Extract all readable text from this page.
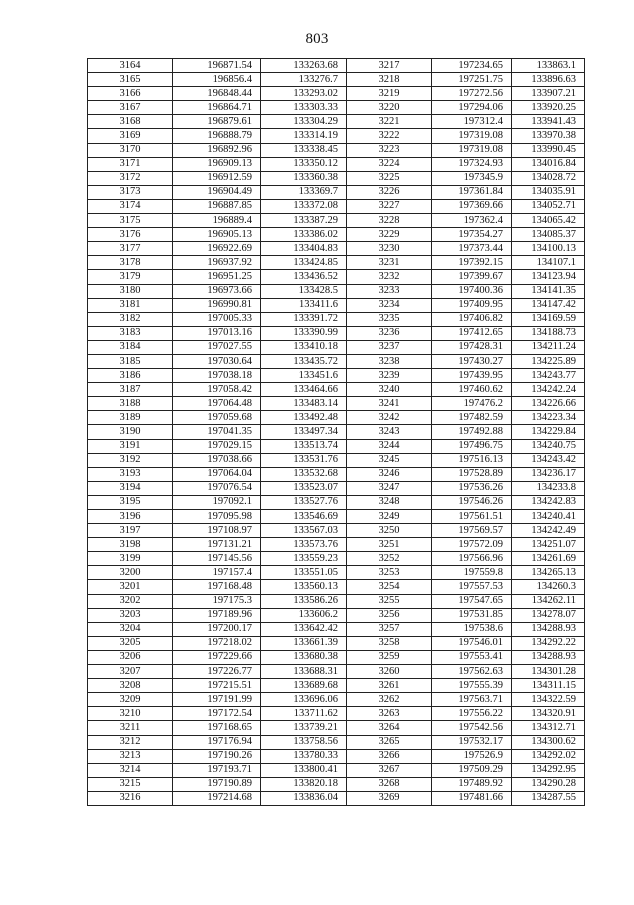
803
3164	196871.54	133263.68	3217	197234.65	133863.1
3165	196856.4	133276.7	3218	197251.75	133896.63
3166	196848.44	133293.02	3219	197272.56	133907.21
3167	196864.71	133303.33	3220	197294.06	133920.25
3168	196879.61	133304.29	3221	197312.4	133941.43
3169	196888.79	133314.19	3222	197319.08	133970.38
3170	196892.96	133338.45	3223	197319.08	133990.45
3171	196909.13	133350.12	3224	197324.93	134016.84
3172	196912.59	133360.38	3225	197345.9	134028.72
3173	196904.49	133369.7	3226	197361.84	134035.91
3174	196887.85	133372.08	3227	197369.66	134052.71
3175	196889.4	133387.29	3228	197362.4	134065.42
3176	196905.13	133386.02	3229	197354.27	134085.37
3177	196922.69	133404.83	3230	197373.44	134100.13
3178	196937.92	133424.85	3231	197392.15	134107.1
3179	196951.25	133436.52	3232	197399.67	134123.94
3180	196973.66	133428.5	3233	197400.36	134141.35
3181	196990.81	133411.6	3234	197409.95	134147.42
3182	197005.33	133391.72	3235	197406.82	134169.59
3183	197013.16	133390.99	3236	197412.65	134188.73
3184	197027.55	133410.18	3237	197428.31	134211.24
3185	197030.64	133435.72	3238	197430.27	134225.89
3186	197038.18	133451.6	3239	197439.95	134243.77
3187	197058.42	133464.66	3240	197460.62	134242.24
3188	197064.48	133483.14	3241	197476.2	134226.66
3189	197059.68	133492.48	3242	197482.59	134223.34
3190	197041.35	133497.34	3243	197492.88	134229.84
3191	197029.15	133513.74	3244	197496.75	134240.75
3192	197038.66	133531.76	3245	197516.13	134243.42
3193	197064.04	133532.68	3246	197528.89	134236.17
3194	197076.54	133523.07	3247	197536.26	134233.8
3195	197092.1	133527.76	3248	197546.26	134242.83
3196	197095.98	133546.69	3249	197561.51	134240.41
3197	197108.97	133567.03	3250	197569.57	134242.49
3198	197131.21	133573.76	3251	197572.09	134251.07
3199	197145.56	133559.23	3252	197566.96	134261.69
3200	197157.4	133551.05	3253	197559.8	134265.13
3201	197168.48	133560.13	3254	197557.53	134260.3
3202	197175.3	133586.26	3255	197547.65	134262.11
3203	197189.96	133606.2	3256	197531.85	134278.07
3204	197200.17	133642.42	3257	197538.6	134288.93
3205	197218.02	133661.39	3258	197546.01	134292.22
3206	197229.66	133680.38	3259	197553.41	134288.93
3207	197226.77	133688.31	3260	197562.63	134301.28
3208	197215.51	133689.68	3261	197555.39	134311.15
3209	197191.99	133696.06	3262	197563.71	134322.59
3210	197172.54	133711.62	3263	197556.22	134320.91
3211	197168.65	133739.21	3264	197542.56	134312.71
3212	197176.94	133758.56	3265	197532.17	134300.62
3213	197190.26	133780.33	3266	197526.9	134292.02
3214	197193.71	133800.41	3267	197509.29	134292.95
3215	197190.89	133820.18	3268	197489.92	134290.28
3216	197214.68	133836.04	3269	197481.66	134287.55
